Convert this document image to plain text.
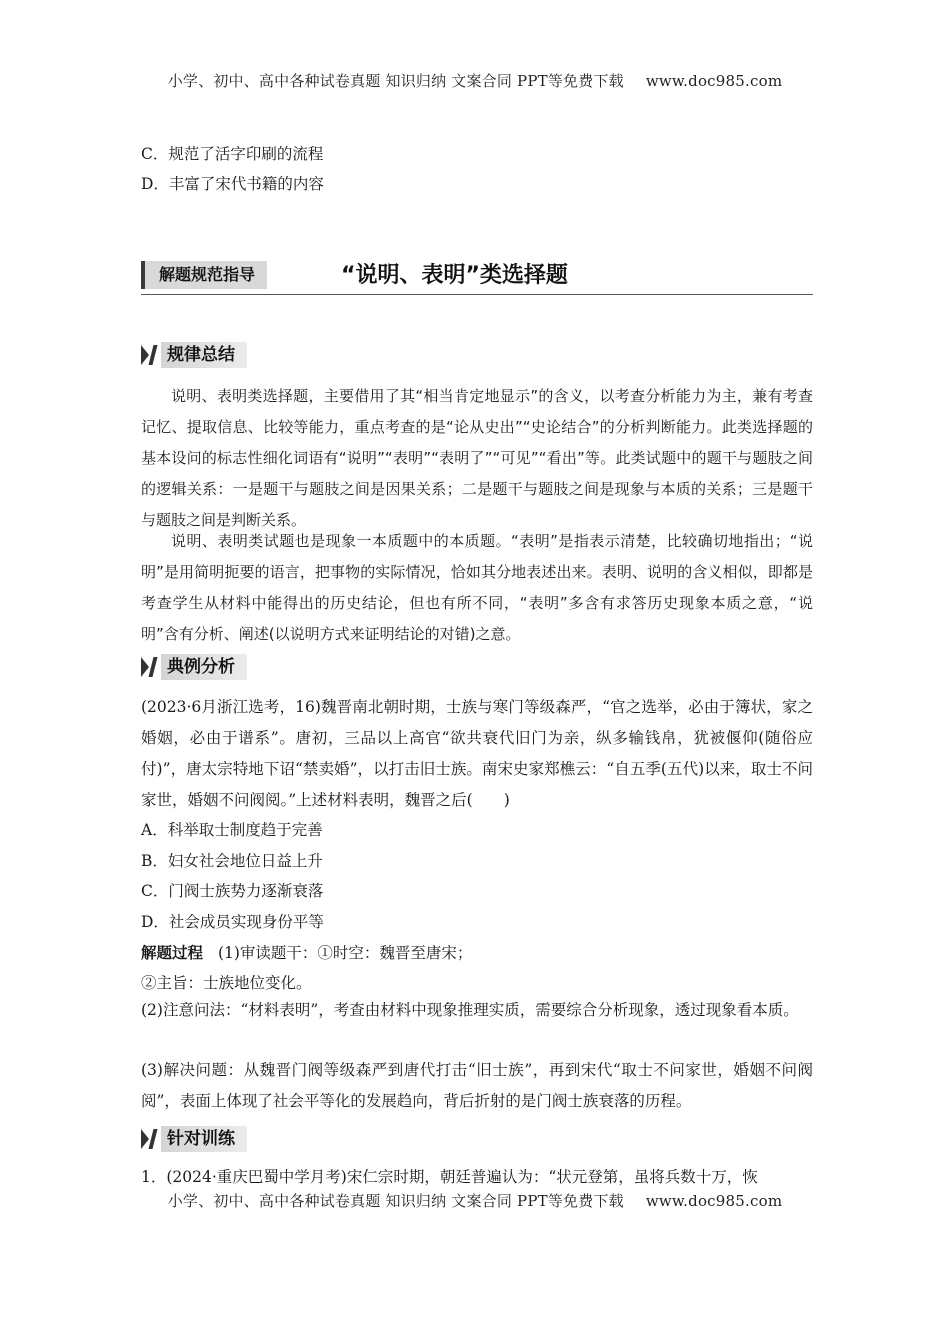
小学、初中、高中各种试卷真题 知识归纳 文案合同 PPT等免费下载 www.doc985.com
C．规范了活字印刷的流程
D．丰富了宋代书籍的内容
解题规范指导	“说明、表明”类选择题
规律总结
说明、表明类选择题，主要借用了其“相当肯定地显示”的含义，以考查分析能力为主，兼有考查记忆、提取信息、比较等能力，重点考查的是“论从史出”“史论结合”的分析判断能力。此类选择题的基本设问的标志性细化词语有“说明”“表明”“表明了”“可见”“看出”等。此类试题中的题干与题肢之间的逻辑关系：一是题干与题肢之间是因果关系；二是题干与题肢之间是现象与本质的关系；三是题干与题肢之间是判断关系。
说明、表明类试题也是现象一本质题中的本质题。“表明”是指表示清楚，比较确切地指出；“说明”是用简明扼要的语言，把事物的实际情况，恰如其分地表述出来。表明、说明的含义相似，即都是考查学生从材料中能得出的历史结论，但也有所不同，“表明”多含有求答历史现象本质之意，“说明”含有分析、阐述(以说明方式来证明结论的对错)之意。
典例分析
(2023·6月浙江选考，16)魏晋南北朝时期，士族与寒门等级森严，“官之选举，必由于簿状，家之婚姻，必由于谱系”。唐初，三品以上高官“欲共衰代旧门为亲，纵多输钱帛，犹被偃仰(随俗应付)”，唐太宗特地下诏“禁卖婚”，以打击旧士族。南宋史家郑樵云：“自五季(五代)以来，取士不问家世，婚姻不问阀阅。”上述材料表明，魏晋之后(　　)
A．科举取士制度趋于完善
B．妇女社会地位日益上升
C．门阀士族势力逐渐衰落
D．社会成员实现身份平等
解题过程 (1)审读题干：①时空：魏晋至唐宋；
②主旨：士族地位变化。
(2)注意问法：“材料表明”，考查由材料中现象推理实质，需要综合分析现象，透过现象看本质。
(3)解决问题：从魏晋门阀等级森严到唐代打击“旧士族”，再到宋代“取士不问家世，婚姻不问阀阅”，表面上体现了社会平等化的发展趋向，背后折射的是门阀士族衰落的历程。
针对训练
1．(2024·重庆巴蜀中学月考)宋仁宗时期，朝廷普遍认为：“状元登第，虽将兵数十万，恢
小学、初中、高中各种试卷真题 知识归纳 文案合同 PPT等免费下载 www.doc985.com
